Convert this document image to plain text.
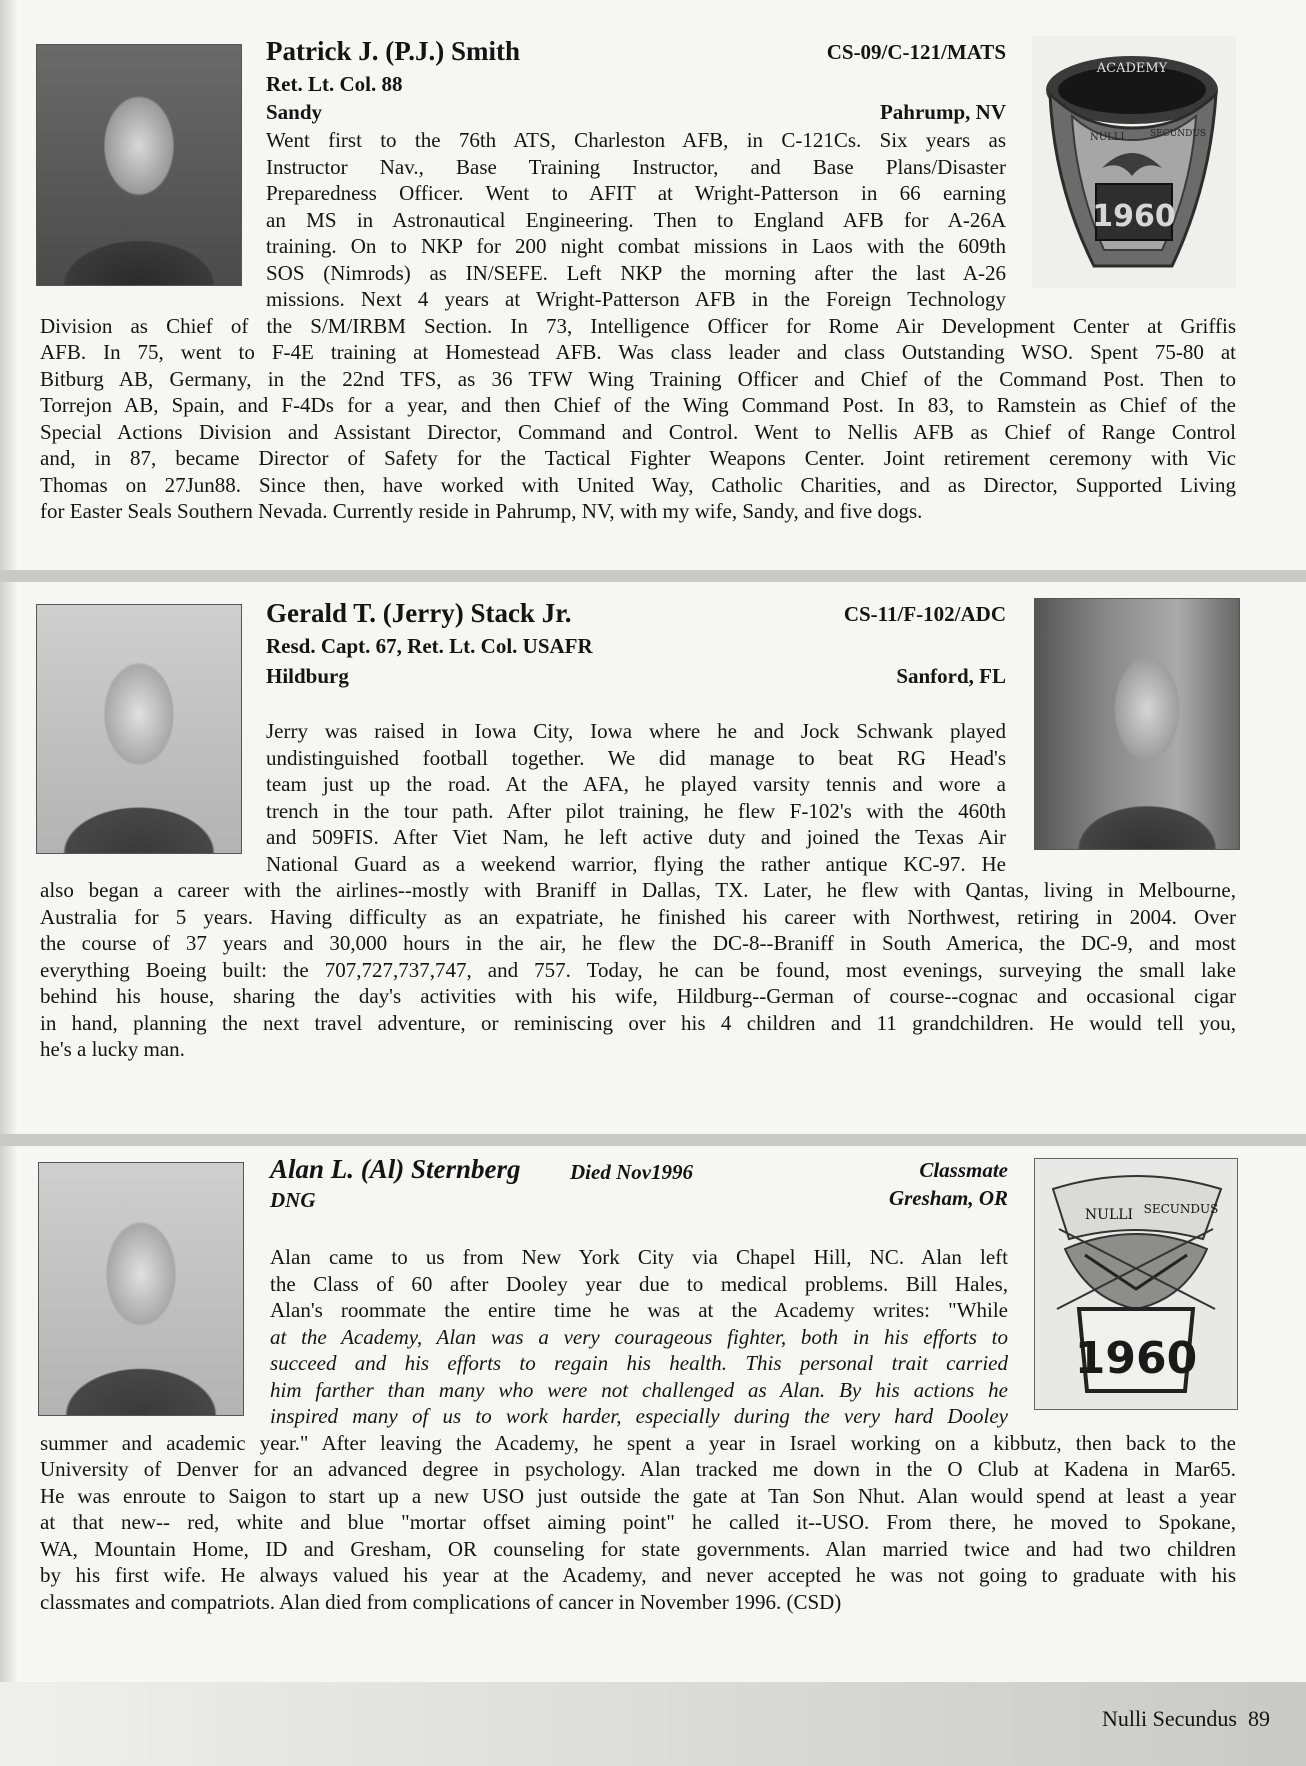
Patrick J. (P.J.) Smith	CS-09/C-121/MATS
Ret. Lt. Col. 88
Sandy	Pahrump, NV
Went first to the 76th ATS, Charleston AFB, in C-121Cs. Six years as
Instructor Nav., Base Training Instructor, and Base Plans/Disaster
Preparedness Officer. Went to AFIT at Wright-Patterson in 66 earning
an MS in Astronautical Engineering. Then to England AFB for A-26A
training. On to NKP for 200 night combat missions in Laos with the 609th
SOS (Nimrods) as IN/SEFE. Left NKP the morning after the last A-26
missions. Next 4 years at Wright-Patterson AFB in the Foreign Technology
Division as Chief of the S/M/IRBM Section. In 73, Intelligence Officer for Rome Air Development Center at Griffis
AFB. In 75, went to F-4E training at Homestead AFB. Was class leader and class Outstanding WSO. Spent 75-80 at
Bitburg AB, Germany, in the 22nd TFS, as 36 TFW Wing Training Officer and Chief of the Command Post. Then to
Torrejon AB, Spain, and F-4Ds for a year, and then Chief of the Wing Command Post. In 83, to Ramstein as Chief of the
Special Actions Division and Assistant Director, Command and Control. Went to Nellis AFB as Chief of Range Control
and, in 87, became Director of Safety for the Tactical Fighter Weapons Center. Joint retirement ceremony with Vic
Thomas on 27Jun88. Since then, have worked with United Way, Catholic Charities, and as Director, Supported Living
for Easter Seals Southern Nevada. Currently reside in Pahrump, NV, with my wife, Sandy, and five dogs.
1960
ACADEMY
NULLI	SECUNDUS
Gerald T. (Jerry) Stack Jr.	CS-11/F-102/ADC
Resd. Capt. 67, Ret. Lt. Col. USAFR
Hildburg	Sanford, FL
Jerry was raised in Iowa City, Iowa where he and Jock Schwank played
undistinguished football together. We did manage to beat RG Head's
team just up the road. At the AFA, he played varsity tennis and wore a
trench in the tour path. After pilot training, he flew F-102's with the 460th
and 509FIS. After Viet Nam, he left active duty and joined the Texas Air
National Guard as a weekend warrior, flying the rather antique KC-97. He
also began a career with the airlines--mostly with Braniff in Dallas, TX. Later, he flew with Qantas, living in Melbourne,
Australia for 5 years. Having difficulty as an expatriate, he finished his career with Northwest, retiring in 2004. Over
the course of 37 years and 30,000 hours in the air, he flew the DC-8--Braniff in South America, the DC-9, and most
everything Boeing built: the 707,727,737,747, and 757. Today, he can be found, most evenings, surveying the small lake
behind his house, sharing the day's activities with his wife, Hildburg--German of course--cognac and occasional cigar
in hand, planning the next travel adventure, or reminiscing over his 4 children and 11 grandchildren. He would tell you,
he's a lucky man.
Alan L. (Al) Sternberg Died Nov1996	Classmate
DNG	Gresham, OR
Alan came to us from New York City via Chapel Hill, NC. Alan left
the Class of 60 after Dooley year due to medical problems. Bill Hales,
Alan's roommate the entire time he was at the Academy writes: "While
at the Academy, Alan was a very courageous fighter, both in his efforts to
succeed and his efforts to regain his health. This personal trait carried
him farther than many who were not challenged as Alan. By his actions he
inspired many of us to work harder, especially during the very hard Dooley
summer and academic year." After leaving the Academy, he spent a year in Israel working on a kibbutz, then back to the
University of Denver for an advanced degree in psychology. Alan tracked me down in the O Club at Kadena in Mar65.
He was enroute to Saigon to start up a new USO just outside the gate at Tan Son Nhut. Alan would spend at least a year
at that new-- red, white and blue "mortar offset aiming point" he called it--USO. From there, he moved to Spokane,
WA, Mountain Home, ID and Gresham, OR counseling for state governments. Alan married twice and had two children
by his first wife. He always valued his year at the Academy, and never accepted he was not going to graduate with his
classmates and compatriots. Alan died from complications of cancer in November 1996. (CSD)
NULLI SECUNDUS
1960
Nulli Secundus 89
